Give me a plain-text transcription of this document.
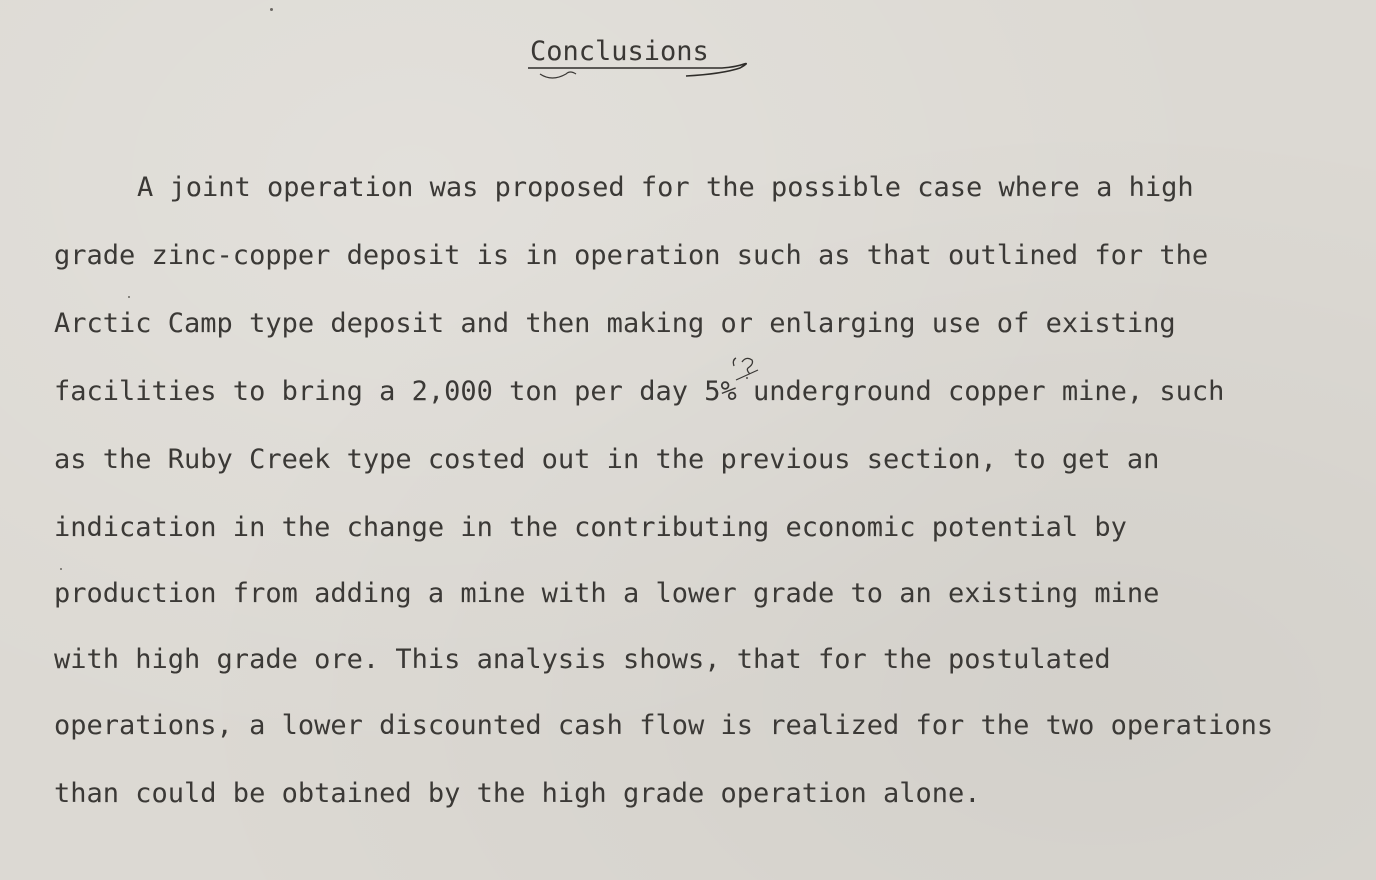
Conclusions
A joint operation was proposed for the possible case where a high
grade zinc-copper deposit is in operation such as that outlined for the
Arctic Camp type deposit and then making or enlarging use of existing
facilities to bring a 2,000 ton per day 5% underground copper mine, such
as the Ruby Creek type costed out in the previous section, to get an
indication in the change in the contributing economic potential by
production from adding a mine with a lower grade to an existing mine
with high grade ore. This analysis shows, that for the postulated
operations, a lower discounted cash flow is realized for the two operations
than could be obtained by the high grade operation alone.
